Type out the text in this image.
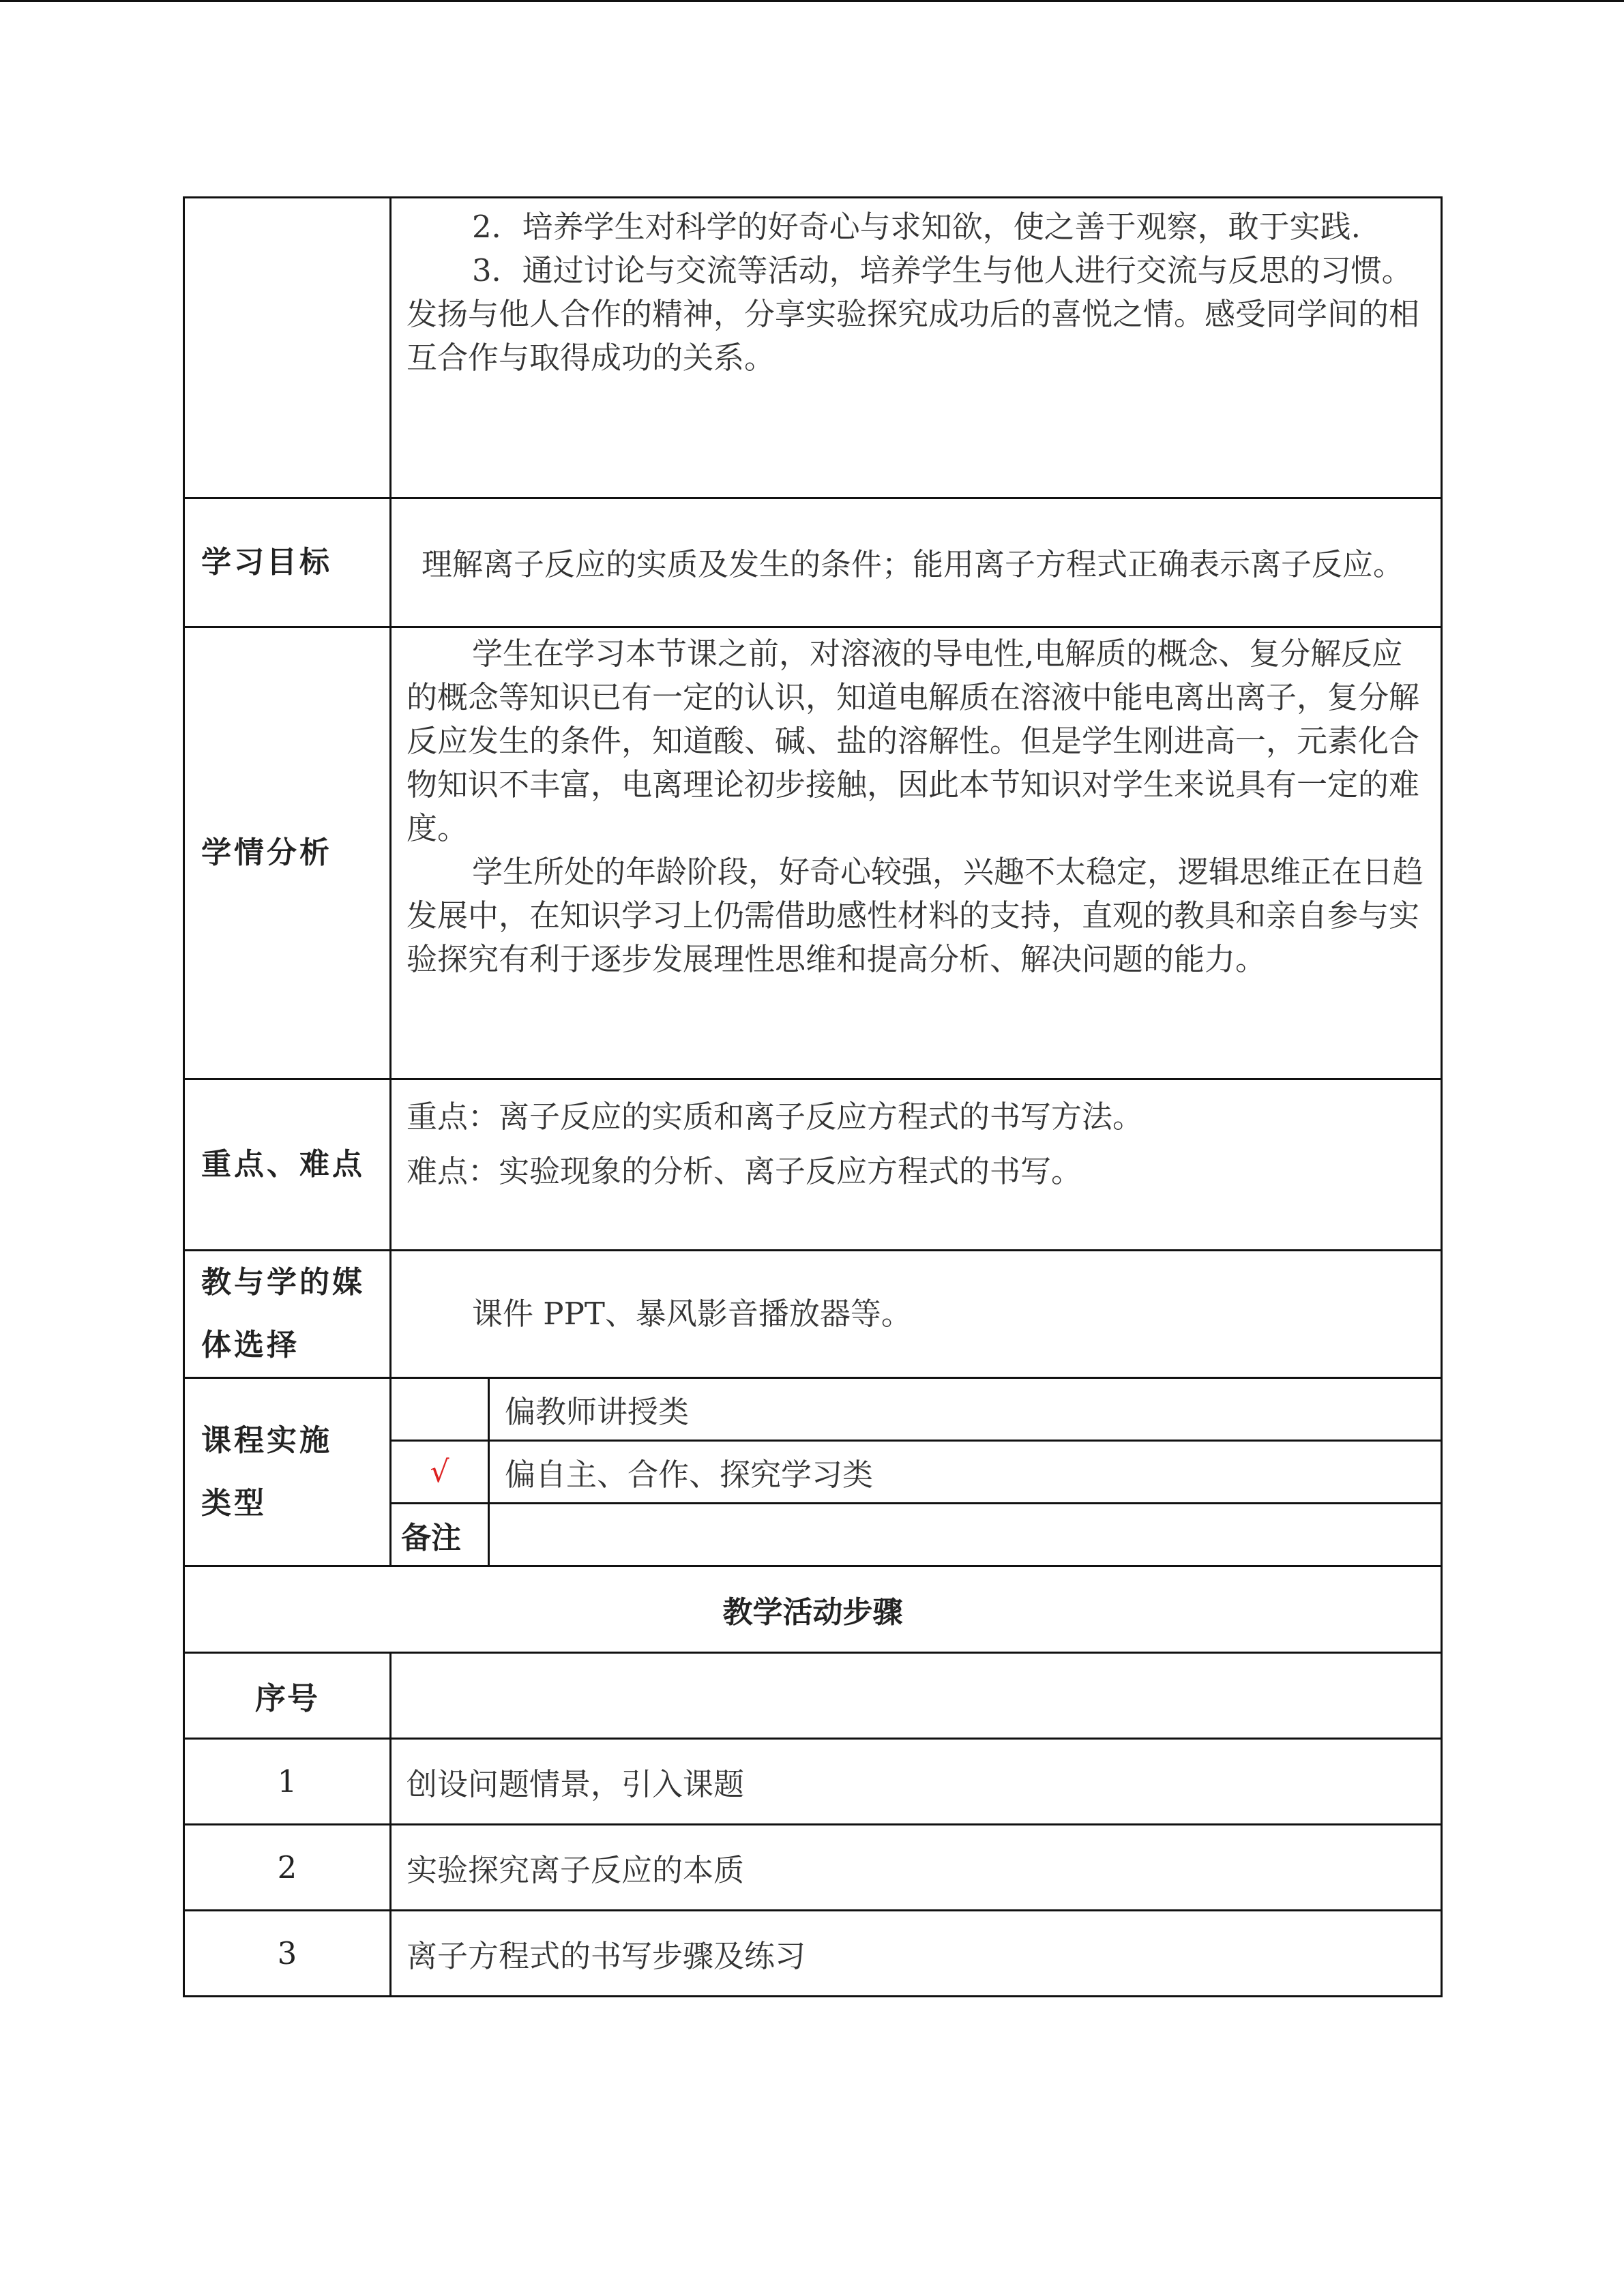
	2．培养学生对科学的好奇心与求知欲，使之善于观察，敢于实践.

3．通过讨论与交流等活动，培养学生与他人进行交流与反思的习惯。发扬与他人合作的精神，分享实验探究成功后的喜悦之情。感受同学间的相互合作与取得成功的关系。	

学习目标	理解离子反应的实质及发生的条件；能用离子方程式正确表示离子反应。	

学情分析	学生在学习本节课之前，对溶液的导电性,电解质的概念、复分解反应的概念等知识已有一定的认识，知道电解质在溶液中能电离出离子，复分解反应发生的条件，知道酸、碱、盐的溶解性。但是学生刚进高一，元素化合物知识不丰富，电离理论初步接触，因此本节知识对学生来说具有一定的难度。

学生所处的年龄阶段，好奇心较强，兴趣不太稳定，逻辑思维正在日趋发展中，在知识学习上仍需借助感性材料的支持，直观的教具和亲自参与实验探究有利于逐步发展理性思维和提高分析、解决问题的能力。	

重点、难点	重点：离子反应的实质和离子反应方程式的书写方法。

难点：实验现象的分析、离子反应方程式的书写。	

教与学的媒
体选择	课件 PPT、暴风影音播放器等。	

课程实施
类型		偏教师讲授类
	√	偏自主、合作、探究学习类
	备注	
教学活动步骤		
序号		
1	创设问题情景，引入课题	
2	实验探究离子反应的本质	
3	离子方程式的书写步骤及练习	
